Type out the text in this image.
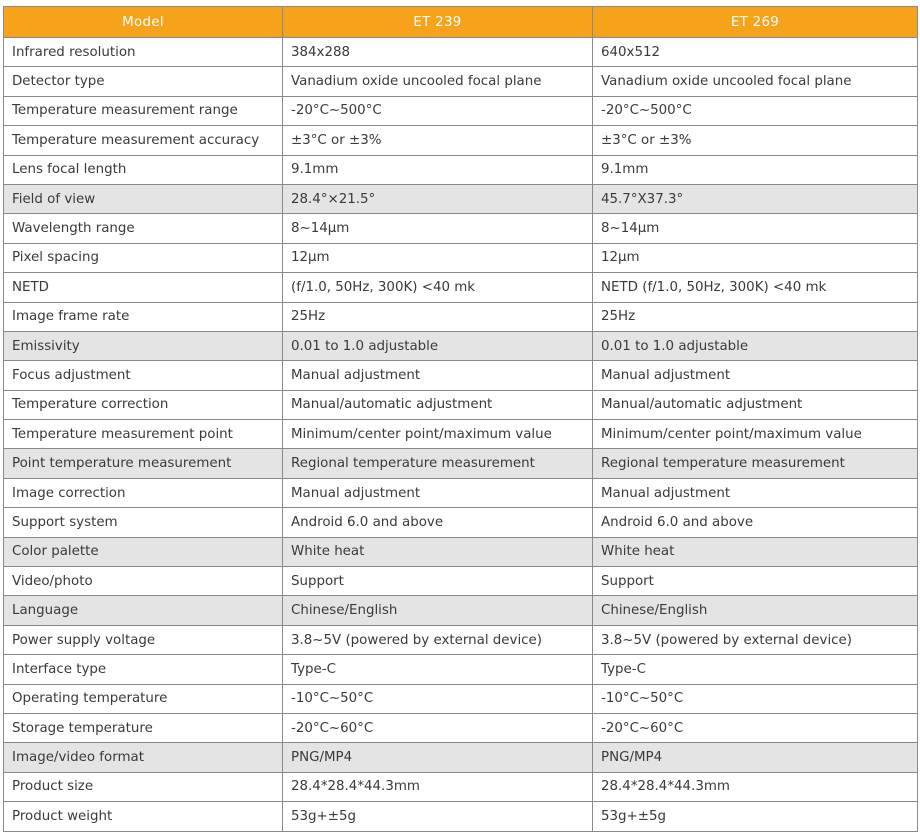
Model	ET 239	ET 269
Infrared resolution	384x288	640x512
Detector type	Vanadium oxide uncooled focal plane	Vanadium oxide uncooled focal plane
Temperature measurement range	-20°C~500°C	-20°C~500°C
Temperature measurement accuracy	±3°C or ±3%	±3°C or ±3%
Lens focal length	9.1mm	9.1mm
Field of view	28.4°×21.5°	45.7°X37.3°
Wavelength range	8~14μm	8~14μm
Pixel spacing	12μm	12μm
NETD	(f/1.0, 50Hz, 300K) <40 mk	NETD (f/1.0, 50Hz, 300K) <40 mk
Image frame rate	25Hz	25Hz
Emissivity	0.01 to 1.0 adjustable	0.01 to 1.0 adjustable
Focus adjustment	Manual adjustment	Manual adjustment
Temperature correction	Manual/automatic adjustment	Manual/automatic adjustment
Temperature measurement point	Minimum/center point/maximum value	Minimum/center point/maximum value
Point temperature measurement	Regional temperature measurement	Regional temperature measurement
Image correction	Manual adjustment	Manual adjustment
Support system	Android 6.0 and above	Android 6.0 and above
Color palette	White heat	White heat
Video/photo	Support	Support
Language	Chinese/English	Chinese/English
Power supply voltage	3.8~5V (powered by external device)	3.8~5V (powered by external device)
Interface type	Type-C	Type-C
Operating temperature	-10°C~50°C	-10°C~50°C
Storage temperature	-20°C~60°C	-20°C~60°C
Image/video format	PNG/MP4	PNG/MP4
Product size	28.4*28.4*44.3mm	28.4*28.4*44.3mm
Product weight	53g+±5g	53g+±5g
